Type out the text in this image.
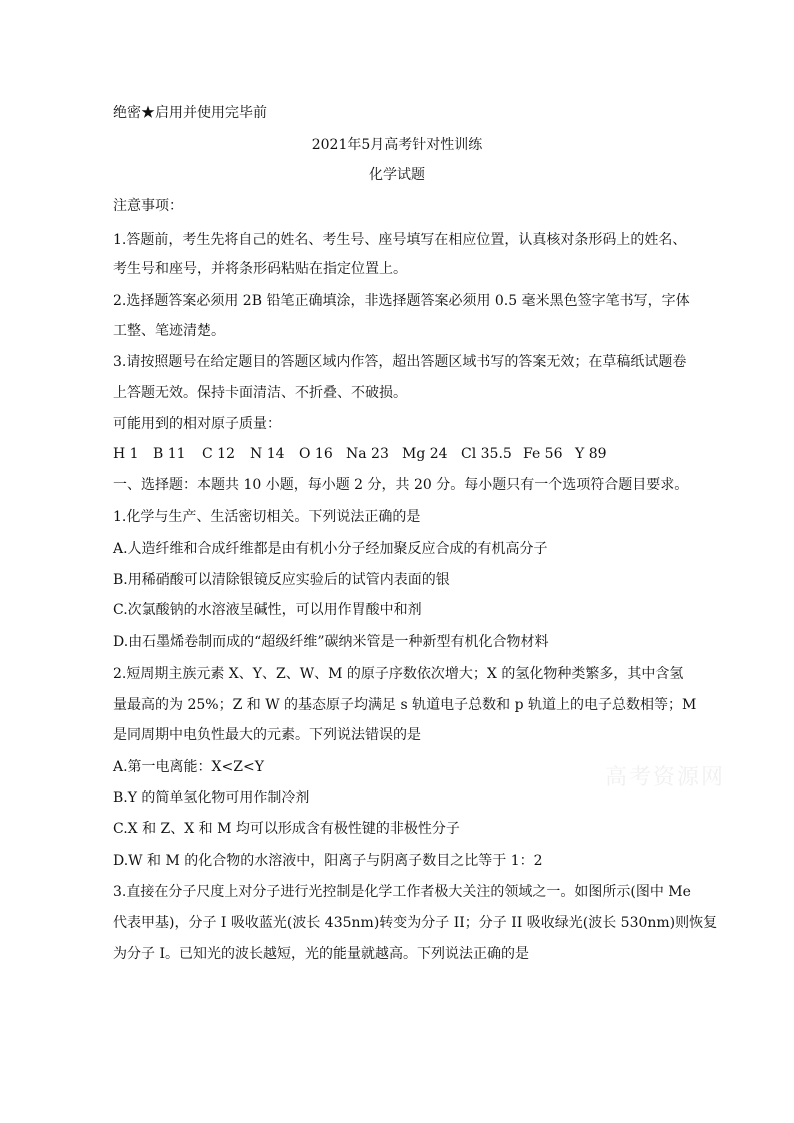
绝密★启用并使用完毕前
2021年5月高考针对性训练
化学试题
注意事项：
1.答题前，考生先将自己的姓名、考生号、座号填写在相应位置，认真核对条形码上的姓名、
考生号和座号，并将条形码粘贴在指定位置上。
2.选择题答案必须用 2B 铅笔正确填涂，非选择题答案必须用 0.5 毫米黑色签字笔书写，字体
工整、笔迹清楚。
3.请按照题号在给定题目的答题区域内作答，超出答题区域书写的答案无效；在草稿纸试题卷
上答题无效。保持卡面清洁、不折叠、不破损。
可能用到的相对原子质量：
H 1 B 11 C 12 N 14 O 16 Na 23 Mg 24 Cl 35.5 Fe 56 Y 89
一、选择题：本题共 10 小题，每小题 2 分，共 20 分。每小题只有一个选项符合题目要求。
1.化学与生产、生活密切相关。下列说法正确的是
A.人造纤维和合成纤维都是由有机小分子经加聚反应合成的有机高分子
B.用稀硝酸可以清除银镜反应实验后的试管内表面的银
C.次氯酸钠的水溶液呈碱性，可以用作胃酸中和剂
D.由石墨烯卷制而成的“超级纤维”碳纳米管是一种新型有机化合物材料
2.短周期主族元素 X、Y、Z、W、M 的原子序数依次增大；X 的氢化物种类繁多，其中含氢
量最高的为 25%；Z 和 W 的基态原子均满足 s 轨道电子总数和 p 轨道上的电子总数相等；M
是同周期中电负性最大的元素。下列说法错误的是
A.第一电离能：X<Z<Y
B.Y 的简单氢化物可用作制冷剂
C.X 和 Z、X 和 M 均可以形成含有极性键的非极性分子
D.W 和 M 的化合物的水溶液中，阳离子与阴离子数目之比等于 1：2
3.直接在分子尺度上对分子进行光控制是化学工作者极大关注的领域之一。如图所示(图中 Me
代表甲基)，分子 I 吸收蓝光(波长 435nm)转变为分子 II；分子 II 吸收绿光(波长 530nm)则恢复
为分子 I。已知光的波长越短，光的能量就越高。下列说法正确的是
高考资源网
